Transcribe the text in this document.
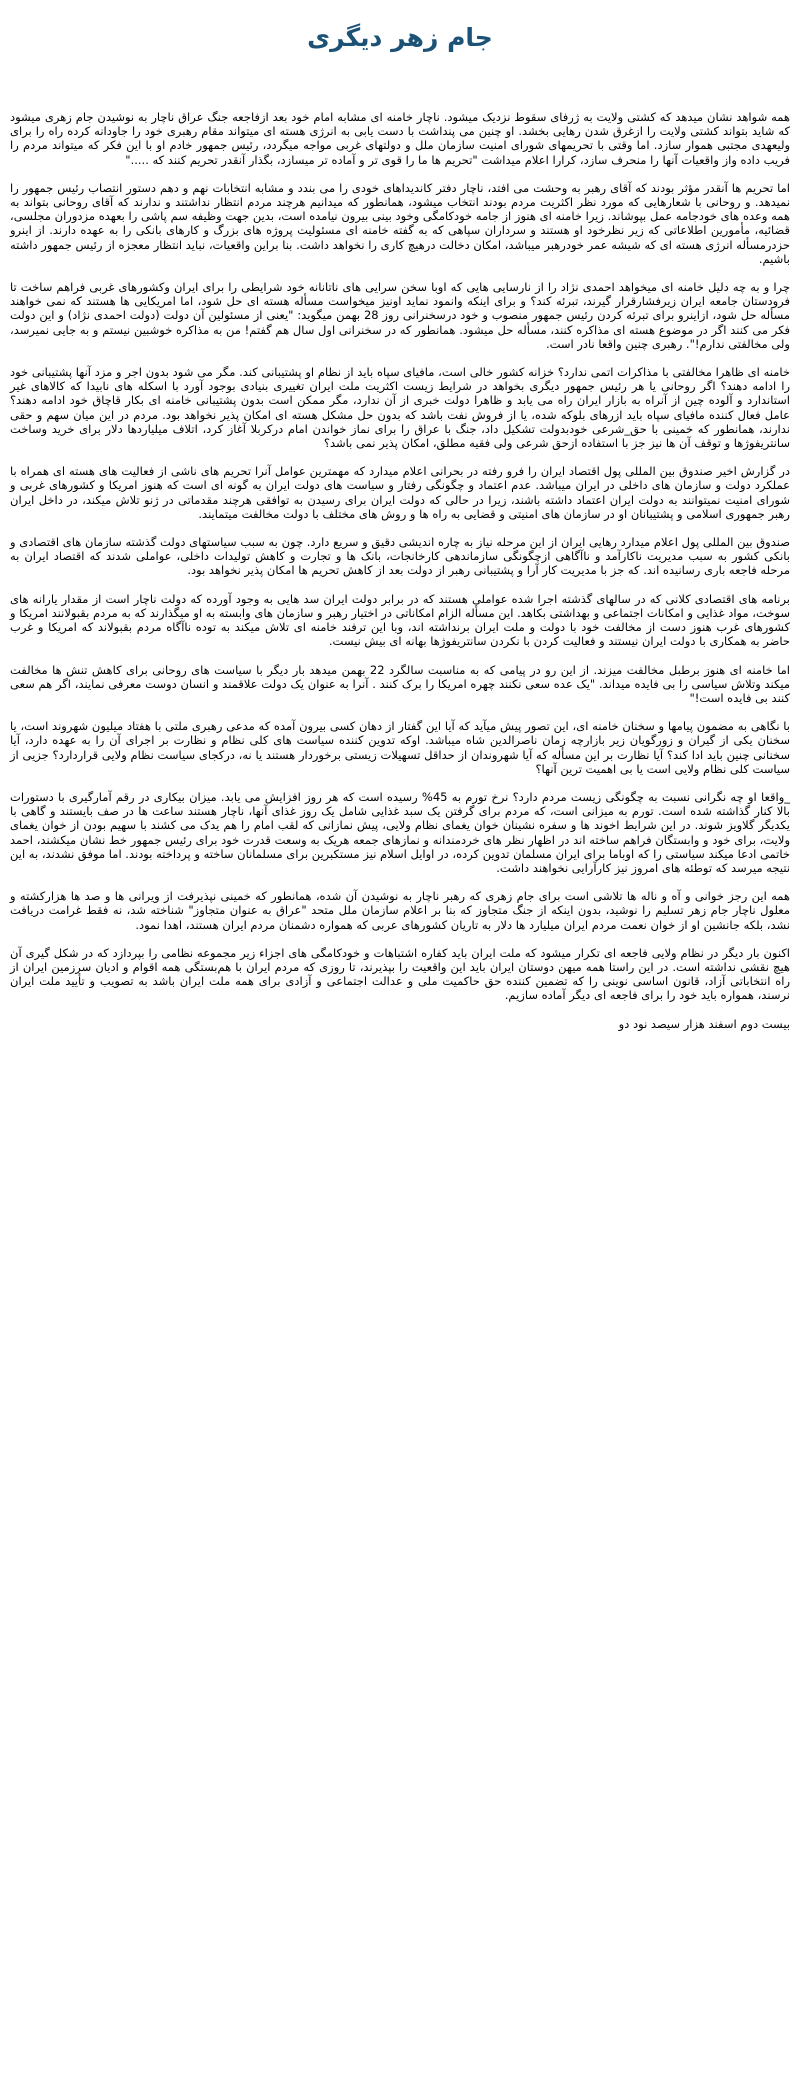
جام زهر دیگری

همه شواهد نشان میدهد که کشتی ولایت به ژرفای سقوط نزدیک میشود. ناچار خامنه ای مشابه امام خود بعد ازفاجعه جنگ عراق ناچار به نوشیدن جام زهری میشود که شاید بتواند کشتی ولایت را ازغرق شدن رهایی بخشد. او چنین می پنداشت با دست یابی به انرژی هسته ای میتواند مقام رهبری خود را جاودانه کرده راه را برای ولیعهدی مجتبی هموار سازد. اما وقتی با تحریمهای شورای امنیت سازمان ملل و دولتهای غربی مواجه میگردد، رئیس جمهور خادم او با این فکر که میتواند مردم را فریب داده واز واقعیات آنها را منحرف سازد، کرارا اعلام میداشت "تحریم ها ما را قوی تر و آماده تر میسازد، بگذار آنقدر تحریم کنند که ....."

اما تحریم ها آنقدر مؤثر بودند که آقای رهبر به وحشت می افتد، ناچار دفتر کاندیداهای خودی را می بندد و مشابه انتخابات نهم و دهم دستور انتصاب رئیس جمهور را نمیدهد. و روحانی با شعارهایی که مورد نظر اکثریت مردم بودند انتخاب میشود، همانطور که میدانیم هرچند مردم انتظار نداشتند و ندارند که آقای روحانی بتواند به همه وعده های خودجامه عمل بپوشاند. زیرا خامنه ای هنوز از جامه خودکامگی وخود بینی بیرون نیامده است، بدین جهت وظیفه سم پاشی را بعهده مزدوران مجلسی، قضائیه، مأمورین اطلاعاتی که زیر نظرخود او هستند و سرداران سپاهی که به گفته خامنه ای مسئولیت پروژه های بزرگ و کارهای بانکی را به عهده دارند. از اینرو حزدرمسأله انرژی هسته ای که شیشه عمر خودرهبر میباشد، امکان دخالت درهیچ کاری را نخواهد داشت. بنا براین واقعیات، نباید انتظار معجزه از رئیس جمهور داشته باشیم.

چرا و به چه دلیل خامنه ای میخواهد احمدی نژاد را از نارسایی هایی که اوبا سخن سرایی های ناتانانه خود شرایطی را برای ایران وکشورهای غربی فراهم ساخت تا فرودستان جامعه ایران زیرفشارقرار گیرند، تبرئه کند؟ و برای اینکه وانمود نماید اونیز میخواست مسأله هسته ای حل شود، اما امریکایی ها هستند که نمی خواهند مسأله حل شود، ازاینرو برای تبرئه کردن رئیس جمهور منصوب و خود درسخنرانی روز 28 بهمن میگوید: "یعنی از مسئولین آن دولت (دولت احمدی نژاد) و این دولت فکر می کنند اگر در موضوع هسته ای مذاکره کنند، مسأله حل میشود. همانطور که در سخنرانی اول سال هم گفتم! من به مذاکره خوشبین نیستم و به جایی نمیرسد، ولی مخالفتی ندارم!". رهبری چنین واقعا نادر است.

خامنه ای ظاهرا مخالفتی با مذاکرات اتمی ندارد؟ خزانه کشور خالی است، مافیای سپاه باید از نظام او پشتیبانی کند. مگر می شود بدون اجر و مزد آنها پشتیبانی خود را ادامه دهند؟ اگر روحانی یا هر رئیس جمهور دیگری بخواهد در شرایط زیست اکثریت ملت ایران تغییری بنیادی بوجود آورد با اسکله های نابیدا که کالاهای غیر استاندارد و آلوده چین از آنراه به بازار ایران راه می یابد و ظاهرا دولت خبری از آن ندارد، مگر ممکن است بدون پشتیبانی خامنه ای بکار قاچاق خود ادامه دهند؟ عامل فعال کننده مافیای سپاه باید ازرهای بلوکه شده، یا از فروش نفت باشد که بدون حل مشکل هسته ای امکان پذیر نخواهد بود. مردم در این میان سهم و حقی ندارند، همانطور که خمینی با حق_شرعی خودبدولت تشکیل داد، جنگ با عراق را برای نماز خواندن امام درکربلا آغاز کرد، اتلاف میلیاردها دلار برای خرید وساخت سانتریفوژها و توقف آن ها نیز جز با استفاده ازحق شرعی ولی فقیه مطلق، امکان پذیر نمی باشد؟

در گزارش اخیر صندوق بین المللی پول اقتصاد ایران را فرو رفته در بحرانی اعلام میدارد که مهمترین عوامل آنرا تحریم های ناشی از فعالیت های هسته ای همراه با عملکرد دولت و سازمان های داخلی در ایران میباشد. عدم اعتماد و چگونگی رفتار و سیاست های دولت ایران به گونه ای است که هنوز امریکا و کشورهای غربی و شورای امنیت نمیتوانند به دولت ایران اعتماد داشته باشند، زیرا در حالی که دولت ایران برای رسیدن به توافقی هرچند مقدماتی در ژنو تلاش میکند، در داخل ایران رهبر جمهوری اسلامی و پشتیبانان او در سازمان های امنیتی و قضایی به راه ها و روش های مختلف با دولت مخالفت میتمایند.

صندوق بین المللی پول اعلام میدارد رهایی ایران از این مرحله نیاز به چاره اندیشی دقیق و سریع دارد. چون به سبب سیاستهای دولت گذشته سازمان های اقتصادی و بانکی کشور به سبب مدیریت ناکارآمد و ناآگاهی ازچگونگی سازماندهی کارخانجات، بانک ها و تجارت و کاهش تولیدات داخلی، عواملی شدند که اقتصاد ایران به مرحله فاجعه باری رسانیده اند. که جز با مدیریت کار آرا و پشتیبانی رهبر از دولت بعد از کاهش تحریم ها امکان پذیر نخواهد بود.

برنامه های اقتصادی کلانی که در سالهای گذشته اجرا شده عواملی هستند که در برابر دولت ایران سد هایی به وجود آورده که دولت ناچار است از مقدار یارانه های سوخت، مواد غذایی و امکانات اجتماعی و بهداشتی بکاهد. این مسأله الزام امکاناتی در اختیار رهبر و سازمان های وابسته به او میگذارند که به مردم بقبولانند امریکا و کشورهای غرب هنوز دست از مخالفت خود با دولت و ملت ایران برنداشته اند، وبا این ترفند خامنه ای تلاش میکند به توده ناآگاه مردم بقبولاند که امریکا و غرب حاضر به همکاری با دولت ایران نیستند و فعالیت کردن با نکردن سانتریفوژها بهانه ای بیش نیست.

اما خامنه ای هنوز برطبل مخالفت میزند. از این رو در پیامی که به مناسبت سالگرد 22 بهمن میدهد بار دیگر با سیاست های روحانی برای کاهش تنش ها مخالفت میکند وتلاش سیاسی را بی فایده میداند. "یک عده سعی نکنند چهره امریکا را برک کنند . آنرا به عنوان یک دولت علاقمند و انسان دوست معرفی نمایند، اگر هم سعی کنند بی فایده است!"

با نگاهی به مضمون پیامها و سخنان خامنه ای، این تصور پیش میآید که آیا این گفتار از دهان کسی بیرون آمده که مدعی رهبری ملتی با هفتاد میلیون شهروند است، یا سخنان یکی از گیران و زورگویان زیر بازارچه زمان ناصرالدین شاه میباشد. اوکه تدوین کننده سیاست های کلی نظام و نظارت بر اجرای آن را به عهده دارد، آیا سخنانی چنین باید ادا کند؟ آیا نظارت بر این مسأله که آیا شهروندان از حداقل تسهیلات زیستی برخوردار هستند یا نه، درکجای سیاست نظام ولایی قراردارد؟ جزیی از سیاست کلی نظام ولایی است یا بی اهمیت ترین آنها؟

_واقعا او چه نگرانی نسبت به چگونگی زیست مردم دارد؟ نرخ تورم به 45% رسیده است که هر روز افزایش می یابد. میزان بیکاری در رقم آمارگیری با دستورات بالا کنار گذاشته شده است. تورم به میزانی است، که مردم برای گرفتن یک سبد غذایی شامل یک روز غذای آنها، ناچار هستند ساعت ها در صف بایستند و گاهی با یکدیگر گلاویز شوند. در این شرایط اخوند ها و سفره نشینان خوان یغمای نظام ولایی، پیش نمازانی که لقب امام را هم یدک می کشند با سهیم بودن از خوان یغمای ولایت، برای خود و وابستگان فراهم ساخته اند در اظهار نظر های خردمندانه و نمازهای جمعه هریک به وسعت قدرت خود برای رئیس جمهور خط نشان میکشند، احمد خاتمی ادعا میکند سیاستی را که اوباما برای ایران مسلمان تدوین کرده، در اوایل اسلام نیز مستکبرین برای مسلمانان ساخته و پرداخته بودند. اما موفق نشدند، به این نتیجه میرسد که توطئه های امروز نیز کارآرایی نخواهند داشت.

همه این رجز خوانی و آه و ناله ها تلاشی است برای جام زهری که رهبر ناچار به نوشیدن آن شده، همانطور که خمینی نپذیرفت از ویرانی ها و صد ها هزارکشته و معلول ناچار جام زهر تسلیم را نوشید، بدون اینکه از جنگ متجاوز که بنا بر اعلام سازمان ملل متحد "عراق به عنوان متجاوز" شناخته شد، نه فقط غرامت دریافت نشد، بلکه جانشین او از خوان نعمت مردم ایران میلیارد ها دلار به تاریان کشورهای عربی که همواره دشمنان مردم ایران هستند، اهدا نمود.

اکنون بار دیگر در نظام ولایی فاجعه ای تکرار میشود که ملت ایران باید کفاره اشتباهات و خودکامگی های اجزاء زیر مجموعه نظامی را بپردازد که در شکل گیری آن هیچ نقشی نداشته است. در این راستا همه میهن دوستان ایران باید این واقعیت را بپذیرند، تا روزی که مردم ایران با هم‌بستگی همه اقوام و ادیان سرزمین ایران از راه انتخاباتی آزاد، قانون اساسی نوینی را که تضمین کننده حق حاکمیت ملی و عدالت اجتماعی و آزادی برای همه ملت ایران باشد به تصویب و تأیید ملت ایران نرسند، همواره باید خود را برای فاجعه ای دیگر آماده سازیم.

بیست دوم اسفند هزار سیصد نود دو
